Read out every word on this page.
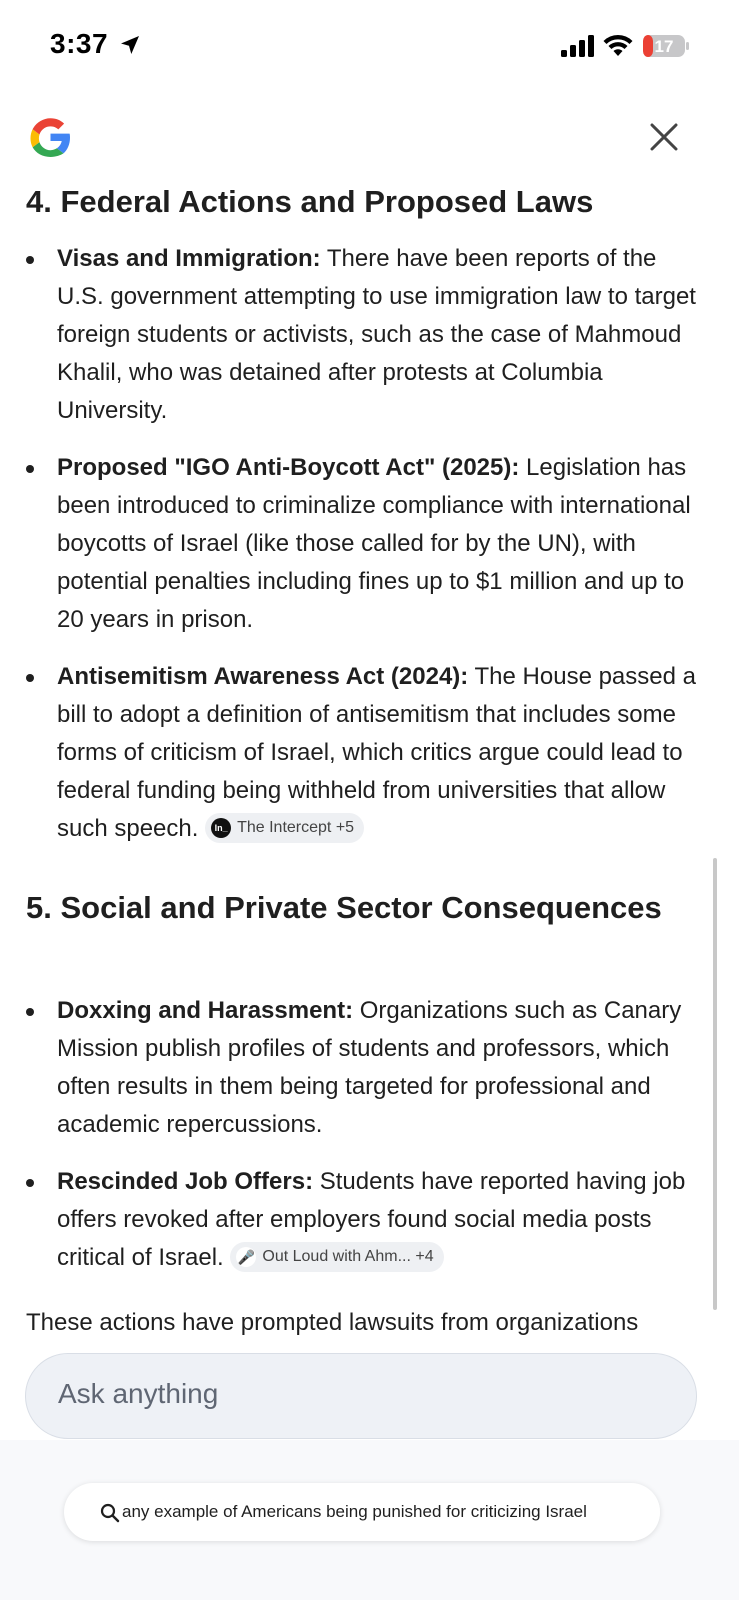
3:37	17
4. Federal Actions and Proposed Laws
Visas and Immigration: There have been reports of the U.S. government attempting to use immigration law to target foreign students or activists, such as the case of Mahmoud Khalil, who was detained after protests at Columbia University.
Proposed "IGO Anti-Boycott Act" (2025): Legislation has been introduced to criminalize compliance with international boycotts of Israel (like those called for by the UN), with potential penalties including fines up to $1 million and up to 20 years in prison.
Antisemitism Awareness Act (2024): The House passed a bill to adopt a definition of antisemitism that includes some forms of criticism of Israel, which critics argue could lead to federal funding being withheld from universities that allow such speech.	In_ The Intercept +5
5. Social and Private Sector Consequences
Doxxing and Harassment: Organizations such as Canary Mission publish profiles of students and professors, which often results in them being targeted for professional and academic repercussions.
Rescinded Job Offers: Students have reported having job offers revoked after employers found social media posts critical of Israel. 🎤 Out Loud with Ahm... +4
These actions have prompted lawsuits from organizations
Ask anything
any example of Americans being punished for criticizing Israel
